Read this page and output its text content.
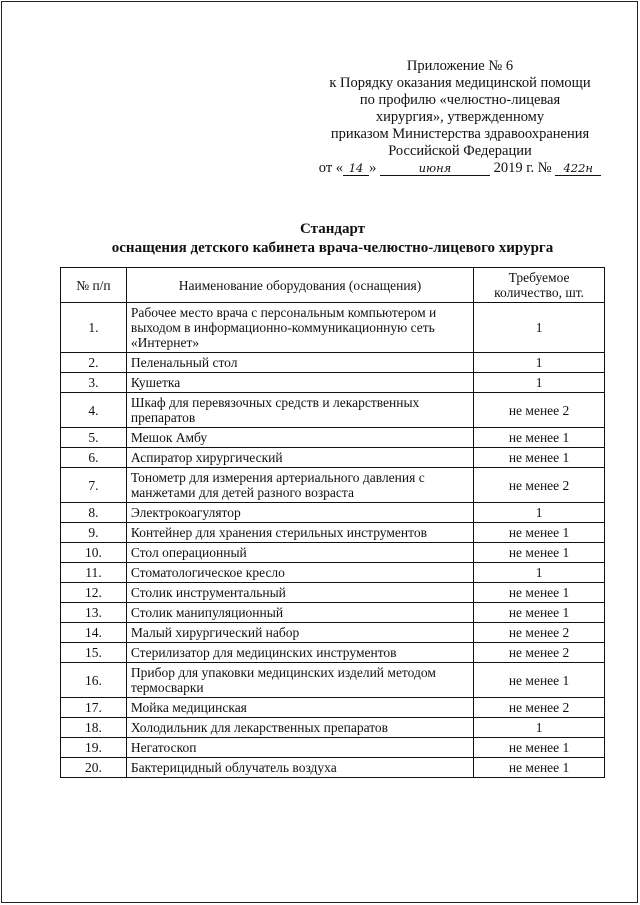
Приложение № 6
к Порядку оказания медицинской помощи
по профилю «челюстно-лицевая
хирургия», утвержденному
приказом Министерства здравоохранения
Российской Федерации
от « 14 »	июня	2019 г. № 422н
Стандарт
оснащения детского кабинета врача-челюстно-лицевого хирурга
№ п/п	Наименование оборудования (оснащения)	Требуемое количество, шт.
1.	Рабочее место врача с персональным компьютером и выходом в информационно-коммуникационную сеть «Интернет»	1
2.	Пеленальный стол	1
3.	Кушетка	1
4.	Шкаф для перевязочных средств и лекарственных препаратов	не менее 2
5.	Мешок Амбу	не менее 1
6.	Аспиратор хирургический	не менее 1
7.	Тонометр для измерения артериального давления с манжетами для детей разного возраста	не менее 2
8.	Электрокоагулятор	1
9.	Контейнер для хранения стерильных инструментов	не менее 1
10.	Стол операционный	не менее 1
11.	Стоматологическое кресло	1
12.	Столик инструментальный	не менее 1
13.	Столик манипуляционный	не менее 1
14.	Малый хирургический набор	не менее 2
15.	Стерилизатор для медицинских инструментов	не менее 2
16.	Прибор для упаковки медицинских изделий методом термосварки	не менее 1
17.	Мойка медицинская	не менее 2
18.	Холодильник для лекарственных препаратов	1
19.	Негатоскоп	не менее 1
20.	Бактерицидный облучатель воздуха	не менее 1
